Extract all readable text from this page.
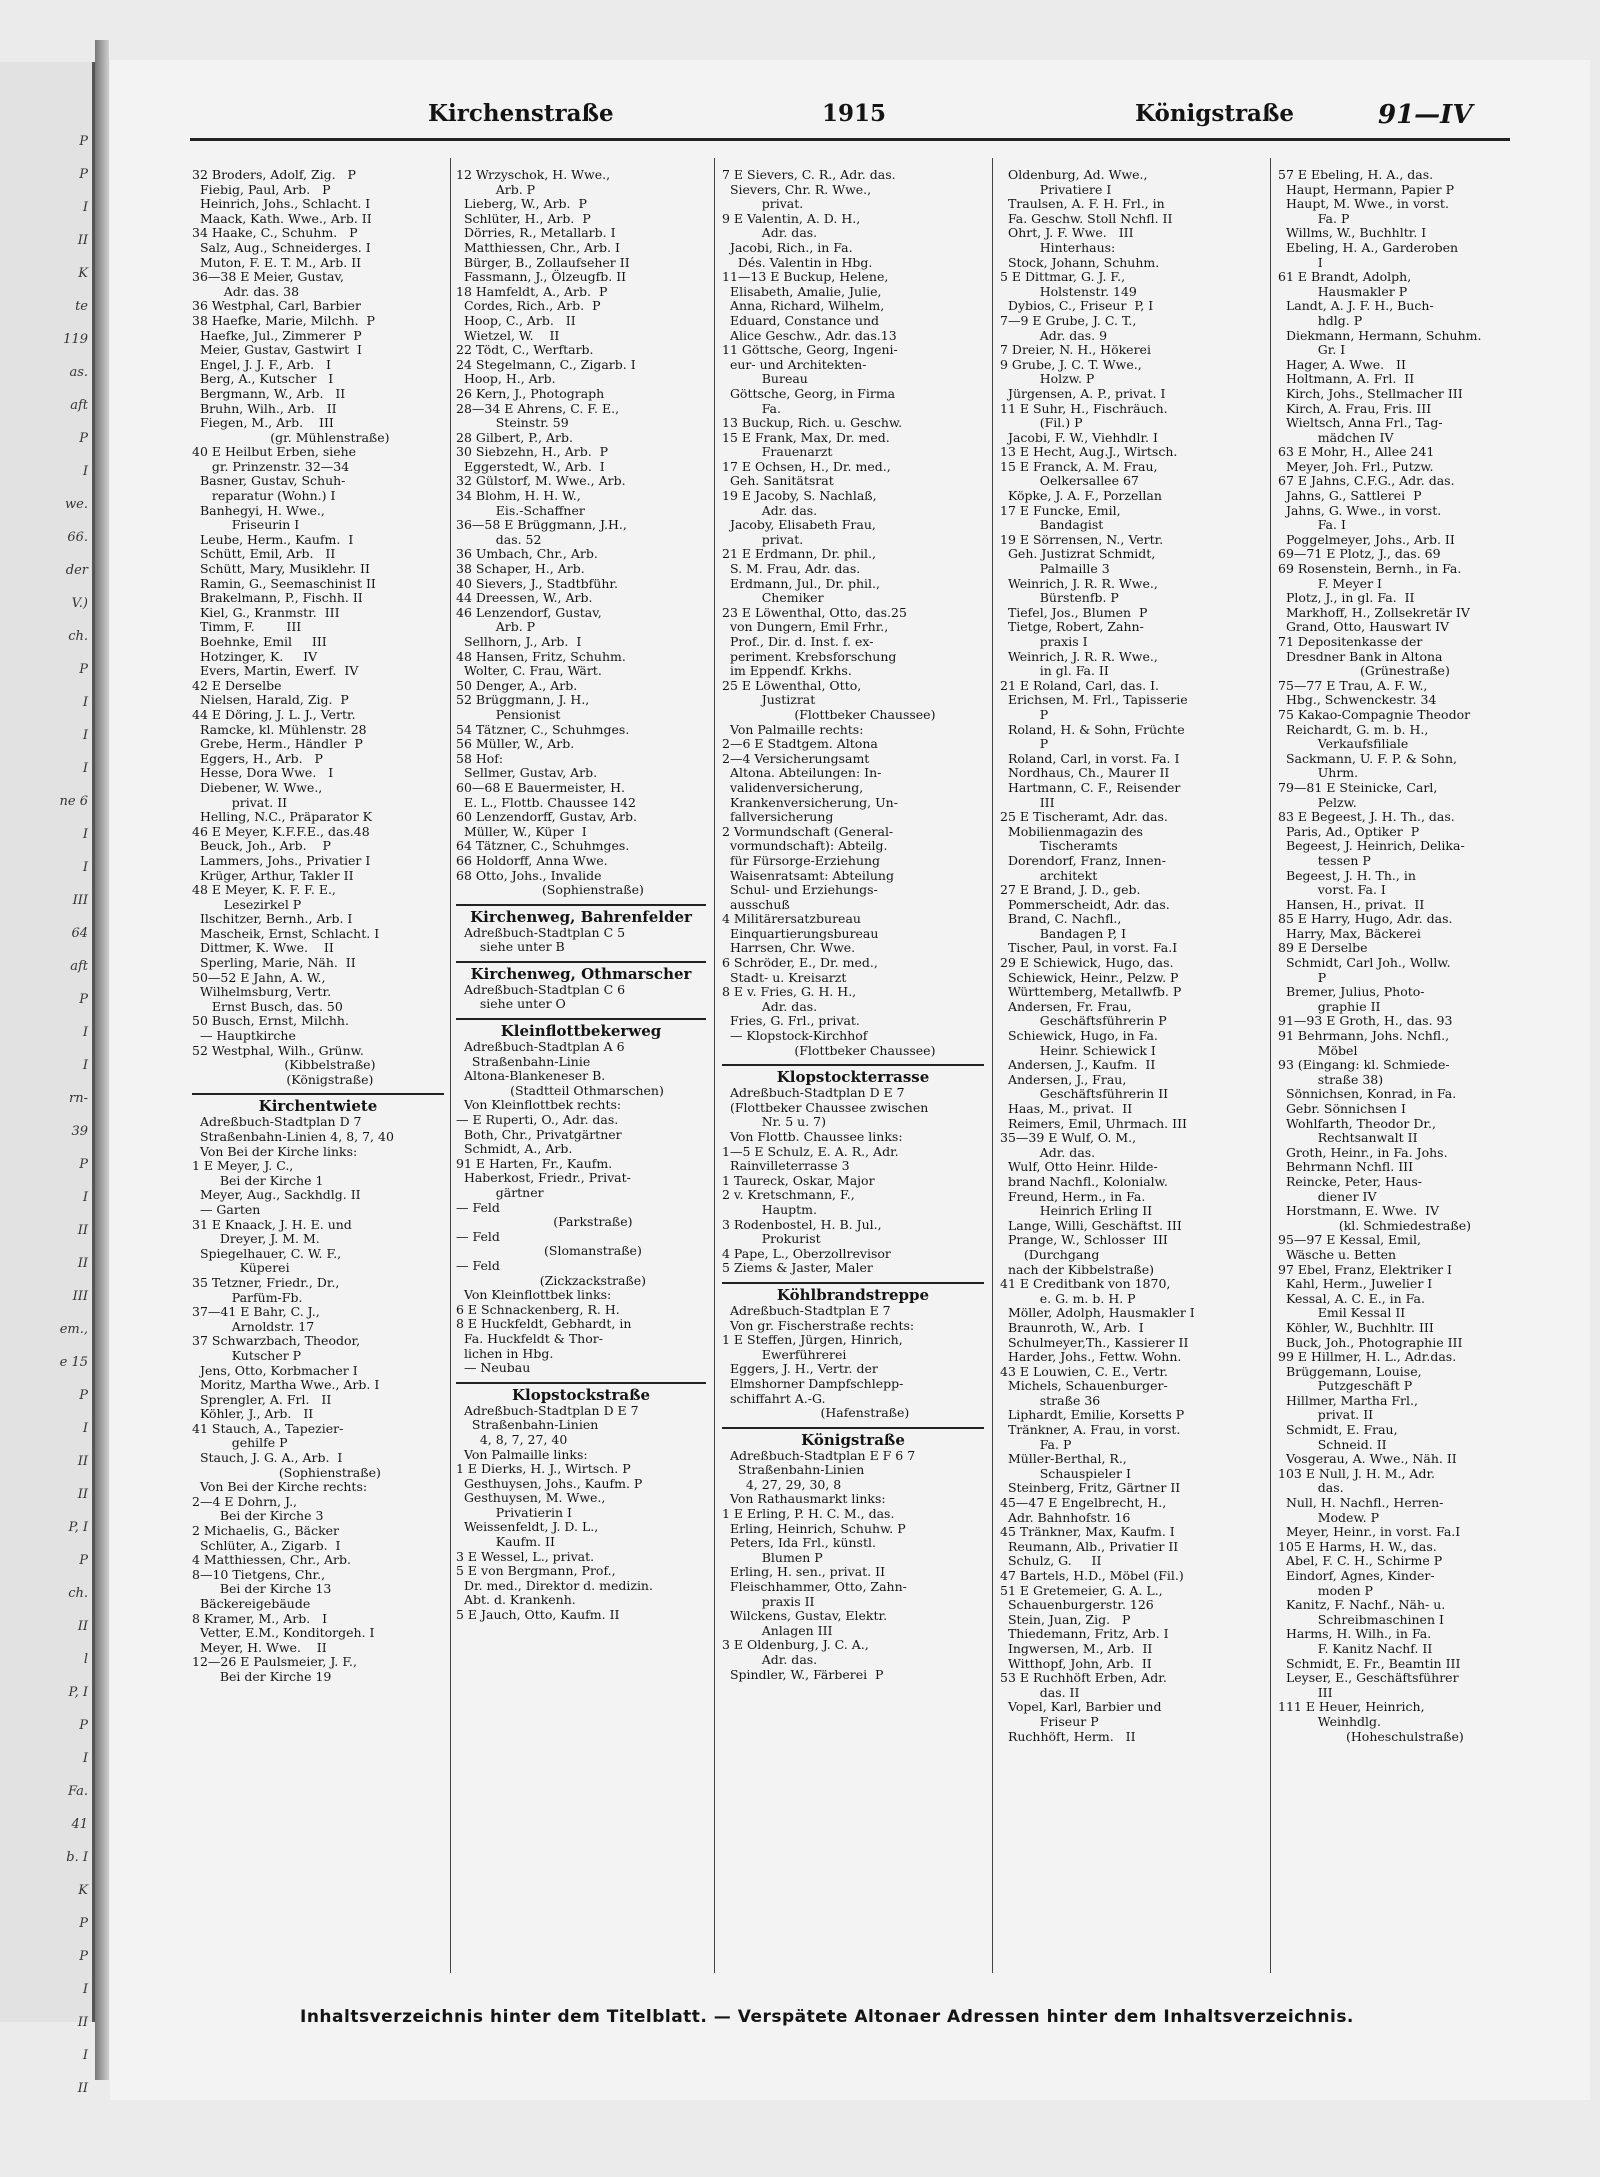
P
P
I
II
K
te
119
as.
aft
P
I
we.
66.
der
V.)
ch.
P
I
I
I
ne 6
I
I
III
64
aft
P
I
I
rn-
39
P
I
II
II
III
em.,
e 15
P
I
II
II
P, I
P
ch.
II
l
P, I
P
I
Fa.
41
b. I
K
P
P
I
II
I
II
Kirchenstraße	1915	Königstraße	91—IV
32 Broders, Adolf, Zig.   P
Fiebig, Paul, Arb.   P
Heinrich, Johs., Schlacht. I
Maack, Kath. Wwe., Arb. II
34 Haake, C., Schuhm.   P
Salz, Aug., Schneiderges. I
Muton, F. E. T. M., Arb. II
36—38 E Meier, Gustav,
Adr. das. 38
36 Westphal, Carl, Barbier
38 Haefke, Marie, Milchh.  P
Haefke, Jul., Zimmerer  P
Meier, Gustav, Gastwirt  I
Engel, J. J. F., Arb.   I
Berg, A., Kutscher   I
Bergmann, W., Arb.   II
Bruhn, Wilh., Arb.   II
Fiegen, M., Arb.    III
(gr. Mühlenstraße)
40 E Heilbut Erben, siehe
gr. Prinzenstr. 32—34
Basner, Gustav, Schuh-
reparatur (Wohn.) I
Banhegyi, H. Wwe.,
Friseurin I
Leube, Herm., Kaufm.  I
Schütt, Emil, Arb.   II
Schütt, Mary, Musiklehr. II
Ramin, G., Seemaschinist II
Brakelmann, P., Fischh. II
Kiel, G., Kranmstr.  III
Timm, F.        III
Boehnke, Emil     III
Hotzinger, K.     IV
Evers, Martin, Ewerf.  IV
42 E Derselbe
Nielsen, Harald, Zig.  P
44 E Döring, J. L. J., Vertr.
Ramcke, kl. Mühlenstr. 28
Grebe, Herm., Händler  P
Eggers, H., Arb.   P
Hesse, Dora Wwe.   I
Diebener, W. Wwe.,
privat. II
Helling, N.C., Präparator K
46 E Meyer, K.F.F.E., das.48
Beuck, Joh., Arb.    P
Lammers, Johs., Privatier I
Krüger, Arthur, Takler II
48 E Meyer, K. F. F. E.,
Lesezirkel P
Ilschitzer, Bernh., Arb. I
Mascheik, Ernst, Schlacht. I
Dittmer, K. Wwe.    II
Sperling, Marie, Näh.  II
50—52 E Jahn, A. W.,
Wilhelmsburg, Vertr.
Ernst Busch, das. 50
50 Busch, Ernst, Milchh.
— Hauptkirche
52 Westphal, Wilh., Grünw.
(Kibbelstraße)
(Königstraße)
Kirchentwiete
Adreßbuch-Stadtplan D 7
Straßenbahn-Linien 4, 8, 7, 40
Von Bei der Kirche links:
1 E Meyer, J. C.,
Bei der Kirche 1
Meyer, Aug., Sackhdlg. II
— Garten
31 E Knaack, J. H. E. und
Dreyer, J. M. M.
Spiegelhauer, C. W. F.,
Küperei
35 Tetzner, Friedr., Dr.,
Parfüm-Fb.
37—41 E Bahr, C. J.,
Arnoldstr. 17
37 Schwarzbach, Theodor,
Kutscher P
Jens, Otto, Korbmacher I
Moritz, Martha Wwe., Arb. I
Sprengler, A. Frl.   II
Köhler, J., Arb.   II
41 Stauch, A., Tapezier-
gehilfe P
Stauch, J. G. A., Arb.  I
(Sophienstraße)
Von Bei der Kirche rechts:
2—4 E Dohrn, J.,
Bei der Kirche 3
2 Michaelis, G., Bäcker
Schlüter, A., Zigarb.  I
4 Matthiessen, Chr., Arb.
8—10 Tietgens, Chr.,
Bei der Kirche 13
Bäckereigebäude
8 Kramer, M., Arb.   I
Vetter, E.M., Konditorgeh. I
Meyer, H. Wwe.    II
12—26 E Paulsmeier, J. F.,
Bei der Kirche 19
12 Wrzyschok, H. Wwe.,
Arb. P
Lieberg, W., Arb.  P
Schlüter, H., Arb.  P
Dörries, R., Metallarb. I
Matthiessen, Chr., Arb. I
Bürger, B., Zollaufseher II
Fassmann, J., Ölzeugfb. II
18 Hamfeldt, A., Arb.  P
Cordes, Rich., Arb.  P
Hoop, C., Arb.   II
Wietzel, W.    II
22 Tödt, C., Werftarb.
24 Stegelmann, C., Zigarb. I
Hoop, H., Arb.
26 Kern, J., Photograph
28—34 E Ahrens, C. F. E.,
Steinstr. 59
28 Gilbert, P., Arb.
30 Siebzehn, H., Arb.  P
Eggerstedt, W., Arb.  I
32 Gülstorf, M. Wwe., Arb.
34 Blohm, H. H. W.,
Eis.-Schaffner
36—58 E Brüggmann, J.H.,
das. 52
36 Umbach, Chr., Arb.
38 Schaper, H., Arb.
40 Sievers, J., Stadtbführ.
44 Dreessen, W., Arb.
46 Lenzendorf, Gustav,
Arb. P
Sellhorn, J., Arb.  I
48 Hansen, Fritz, Schuhm.
Wolter, C. Frau, Wärt.
50 Denger, A., Arb.
52 Brüggmann, J. H.,
Pensionist
54 Tätzner, C., Schuhmges.
56 Müller, W., Arb.
58 Hof:
Sellmer, Gustav, Arb.
60—68 E Bauermeister, H.
E. L., Flottb. Chaussee 142
60 Lenzendorff, Gustav, Arb.
Müller, W., Küper  I
64 Tätzner, C., Schuhmges.
66 Holdorff, Anna Wwe.
68 Otto, Johs., Invalide
(Sophienstraße)
Kirchenweg, Bahrenfelder
Adreßbuch-Stadtplan C 5
siehe unter B
Kirchenweg, Othmarscher
Adreßbuch-Stadtplan C 6
siehe unter O
Kleinflottbekerweg
Adreßbuch-Stadtplan A 6
Straßenbahn-Linie
Altona-Blankeneser B.
(Stadtteil Othmarschen)
Von Kleinflottbek rechts:
— E Ruperti, O., Adr. das.
Both, Chr., Privatgärtner
Schmidt, A., Arb.
91 E Harten, Fr., Kaufm.
Haberkost, Friedr., Privat-
gärtner
— Feld
(Parkstraße)
— Feld
(Slomanstraße)
— Feld
(Zickzackstraße)
Von Kleinflottbek links:
6 E Schnackenberg, R. H.
8 E Huckfeldt, Gebhardt, in
Fa. Huckfeldt & Thor-
lichen in Hbg.
— Neubau
Klopstockstraße
Adreßbuch-Stadtplan D E 7
Straßenbahn-Linien
4, 8, 7, 27, 40
Von Palmaille links:
1 E Dierks, H. J., Wirtsch. P
Gesthuysen, Johs., Kaufm. P
Gesthuysen, M. Wwe.,
Privatierin I
Weissenfeldt, J. D. L.,
Kaufm. II
3 E Wessel, L., privat.
5 E von Bergmann, Prof.,
Dr. med., Direktor d. medizin.
Abt. d. Krankenh.
5 E Jauch, Otto, Kaufm. II
7 E Sievers, C. R., Adr. das.
Sievers, Chr. R. Wwe.,
privat.
9 E Valentin, A. D. H.,
Adr. das.
Jacobi, Rich., in Fa.
Dés. Valentin in Hbg.
11—13 E Buckup, Helene,
Elisabeth, Amalie, Julie,
Anna, Richard, Wilhelm,
Eduard, Constance und
Alice Geschw., Adr. das.13
11 Göttsche, Georg, Ingeni-
eur- und Architekten-
Bureau
Göttsche, Georg, in Firma
Fa.
13 Buckup, Rich. u. Geschw.
15 E Frank, Max, Dr. med.
Frauenarzt
17 E Ochsen, H., Dr. med.,
Geh. Sanitätsrat
19 E Jacoby, S. Nachlaß,
Adr. das.
Jacoby, Elisabeth Frau,
privat.
21 E Erdmann, Dr. phil.,
S. M. Frau, Adr. das.
Erdmann, Jul., Dr. phil.,
Chemiker
23 E Löwenthal, Otto, das.25
von Dungern, Emil Frhr.,
Prof., Dir. d. Inst. f. ex-
periment. Krebsforschung
im Eppendf. Krkhs.
25 E Löwenthal, Otto,
Justizrat
(Flottbeker Chaussee)
Von Palmaille rechts:
2—6 E Stadtgem. Altona
2—4 Versicherungsamt
Altona. Abteilungen: In-
validenversicherung,
Krankenversicherung, Un-
fallversicherung
2 Vormundschaft (General-
vormundschaft): Abteilg.
für Fürsorge-Erziehung
Waisenratsamt: Abteilung
Schul- und Erziehungs-
ausschuß
4 Militärersatzbureau
Einquartierungsbureau
Harrsen, Chr. Wwe.
6 Schröder, E., Dr. med.,
Stadt- u. Kreisarzt
8 E v. Fries, G. H. H.,
Adr. das.
Fries, G. Frl., privat.
— Klopstock-Kirchhof
(Flottbeker Chaussee)
Klopstockterrasse
Adreßbuch-Stadtplan D E 7
(Flottbeker Chaussee zwischen
Nr. 5 u. 7)
Von Flottb. Chaussee links:
1—5 E Schulz, E. A. R., Adr.
Rainvilleterrasse 3
1 Taureck, Oskar, Major
2 v. Kretschmann, F.,
Hauptm.
3 Rodenbostel, H. B. Jul.,
Prokurist
4 Pape, L., Oberzollrevisor
5 Ziems & Jaster, Maler
Köhlbrandstreppe
Adreßbuch-Stadtplan E 7
Von gr. Fischerstraße rechts:
1 E Steffen, Jürgen, Hinrich,
Ewerführerei
Eggers, J. H., Vertr. der
Elmshorner Dampfschlepp-
schiffahrt A.-G.
(Hafenstraße)
Königstraße
Adreßbuch-Stadtplan E F 6 7
Straßenbahn-Linien
4, 27, 29, 30, 8
Von Rathausmarkt links:
1 E Erling, P. H. C. M., das.
Erling, Heinrich, Schuhw. P
Peters, Ida Frl., künstl.
Blumen P
Erling, H. sen., privat. II
Fleischhammer, Otto, Zahn-
praxis II
Wilckens, Gustav, Elektr.
Anlagen III
3 E Oldenburg, J. C. A.,
Adr. das.
Spindler, W., Färberei  P
Oldenburg, Ad. Wwe.,
Privatiere I
Traulsen, A. F. H. Frl., in
Fa. Geschw. Stoll Nchfl. II
Ohrt, J. F. Wwe.   III
Hinterhaus:
Stock, Johann, Schuhm.
5 E Dittmar, G. J. F.,
Holstenstr. 149
Dybios, C., Friseur  P, I
7—9 E Grube, J. C. T.,
Adr. das. 9
7 Dreier, N. H., Hökerei
9 Grube, J. C. T. Wwe.,
Holzw. P
Jürgensen, A. P., privat. I
11 E Suhr, H., Fischräuch.
(Fil.) P
Jacobi, F. W., Viehhdlr. I
13 E Hecht, Aug.J., Wirtsch.
15 E Franck, A. M. Frau,
Oelkersallee 67
Köpke, J. A. F., Porzellan
17 E Funcke, Emil,
Bandagist
19 E Sörrensen, N., Vertr.
Geh. Justizrat Schmidt,
Palmaille 3
Weinrich, J. R. R. Wwe.,
Bürstenfb. P
Tiefel, Jos., Blumen  P
Tietge, Robert, Zahn-
praxis I
Weinrich, J. R. R. Wwe.,
in gl. Fa. II
21 E Roland, Carl, das. I.
Erichsen, M. Frl., Tapisserie
P
Roland, H. & Sohn, Früchte
P
Roland, Carl, in vorst. Fa. I
Nordhaus, Ch., Maurer II
Hartmann, C. F., Reisender
III
25 E Tischeramt, Adr. das.
Mobilienmagazin des
Tischeramts
Dorendorf, Franz, Innen-
architekt
27 E Brand, J. D., geb.
Pommerscheidt, Adr. das.
Brand, C. Nachfl.,
Bandagen P, I
Tischer, Paul, in vorst. Fa.I
29 E Schiewick, Hugo, das.
Schiewick, Heinr., Pelzw. P
Württemberg, Metallwfb. P
Andersen, Fr. Frau,
Geschäftsführerin P
Schiewick, Hugo, in Fa.
Heinr. Schiewick I
Andersen, J., Kaufm.  II
Andersen, J., Frau,
Geschäftsführerin II
Haas, M., privat.  II
Reimers, Emil, Uhrmach. III
35—39 E Wulf, O. M.,
Adr. das.
Wulf, Otto Heinr. Hilde-
brand Nachfl., Kolonialw.
Freund, Herm., in Fa.
Heinrich Erling II
Lange, Willi, Geschäftst. III
Prange, W., Schlosser  III
(Durchgang
nach der Kibbelstraße)
41 E Creditbank von 1870,
e. G. m. b. H. P
Möller, Adolph, Hausmakler I
Braunroth, W., Arb.  I
Schulmeyer,Th., Kassierer II
Harder, Johs., Fettw. Wohn.
43 E Louwien, C. E., Vertr.
Michels, Schauenburger-
straße 36
Liphardt, Emilie, Korsetts P
Tränkner, A. Frau, in vorst.
Fa. P
Müller-Berthal, R.,
Schauspieler I
Steinberg, Fritz, Gärtner II
45—47 E Engelbrecht, H.,
Adr. Bahnhofstr. 16
45 Tränkner, Max, Kaufm. I
Reumann, Alb., Privatier II
Schulz, G.     II
47 Bartels, H.D., Möbel (Fil.)
51 E Gretemeier, G. A. L.,
Schauenburgerstr. 126
Stein, Juan, Zig.   P
Thiedemann, Fritz, Arb. I
Ingwersen, M., Arb.  II
Witthopf, John, Arb.  II
53 E Ruchhöft Erben, Adr.
das. II
Vopel, Karl, Barbier und
Friseur P
Ruchhöft, Herm.   II
57 E Ebeling, H. A., das.
Haupt, Hermann, Papier P
Haupt, M. Wwe., in vorst.
Fa. P
Willms, W., Buchhltr. I
Ebeling, H. A., Garderoben
I
61 E Brandt, Adolph,
Hausmakler P
Landt, A. J. F. H., Buch-
hdlg. P
Diekmann, Hermann, Schuhm.
Gr. I
Hager, A. Wwe.   II
Holtmann, A. Frl.  II
Kirch, Johs., Stellmacher III
Kirch, A. Frau, Fris. III
Wieltsch, Anna Frl., Tag-
mädchen IV
63 E Mohr, H., Allee 241
Meyer, Joh. Frl., Putzw.
67 E Jahns, C.F.G., Adr. das.
Jahns, G., Sattlerei  P
Jahns, G. Wwe., in vorst.
Fa. I
Poggelmeyer, Johs., Arb. II
69—71 E Plotz, J., das. 69
69 Rosenstein, Bernh., in Fa.
F. Meyer I
Plotz, J., in gl. Fa.  II
Markhoff, H., Zollsekretär IV
Grand, Otto, Hauswart IV
71 Depositenkasse der
Dresdner Bank in Altona
(Grünestraße)
75—77 E Trau, A. F. W.,
Hbg., Schwenckestr. 34
75 Kakao-Compagnie Theodor
Reichardt, G. m. b. H.,
Verkaufsfiliale
Sackmann, U. F. P. & Sohn,
Uhrm.
79—81 E Steinicke, Carl,
Pelzw.
83 E Begeest, J. H. Th., das.
Paris, Ad., Optiker  P
Begeest, J. Heinrich, Delika-
tessen P
Begeest, J. H. Th., in
vorst. Fa. I
Hansen, H., privat.  II
85 E Harry, Hugo, Adr. das.
Harry, Max, Bäckerei
89 E Derselbe
Schmidt, Carl Joh., Wollw.
P
Bremer, Julius, Photo-
graphie II
91—93 E Groth, H., das. 93
91 Behrmann, Johs. Nchfl.,
Möbel
93 (Eingang: kl. Schmiede-
straße 38)
Sönnichsen, Konrad, in Fa.
Gebr. Sönnichsen I
Wohlfarth, Theodor Dr.,
Rechtsanwalt II
Groth, Heinr., in Fa. Johs.
Behrmann Nchfl. III
Reincke, Peter, Haus-
diener IV
Horstmann, E. Wwe.  IV
(kl. Schmiedestraße)
95—97 E Kessal, Emil,
Wäsche u. Betten
97 Ebel, Franz, Elektriker I
Kahl, Herm., Juwelier I
Kessal, A. C. E., in Fa.
Emil Kessal II
Köhler, W., Buchhltr. III
Buck, Joh., Photographie III
99 E Hillmer, H. L., Adr.das.
Brüggemann, Louise,
Putzgeschäft P
Hillmer, Martha Frl.,
privat. II
Schmidt, E. Frau,
Schneid. II
Vosgerau, A. Wwe., Näh. II
103 E Null, J. H. M., Adr.
das.
Null, H. Nachfl., Herren-
Modew. P
Meyer, Heinr., in vorst. Fa.I
105 E Harms, H. W., das.
Abel, F. C. H., Schirme P
Eindorf, Agnes, Kinder-
moden P
Kanitz, F. Nachf., Näh- u.
Schreibmaschinen I
Harms, H. Wilh., in Fa.
F. Kanitz Nachf. II
Schmidt, E. Fr., Beamtin III
Leyser, E., Geschäftsführer
III
111 E Heuer, Heinrich,
Weinhdlg.
(Hoheschulstraße)
Inhaltsverzeichnis hinter dem Titelblatt. — Verspätete Altonaer Adressen hinter dem Inhaltsverzeichnis.
